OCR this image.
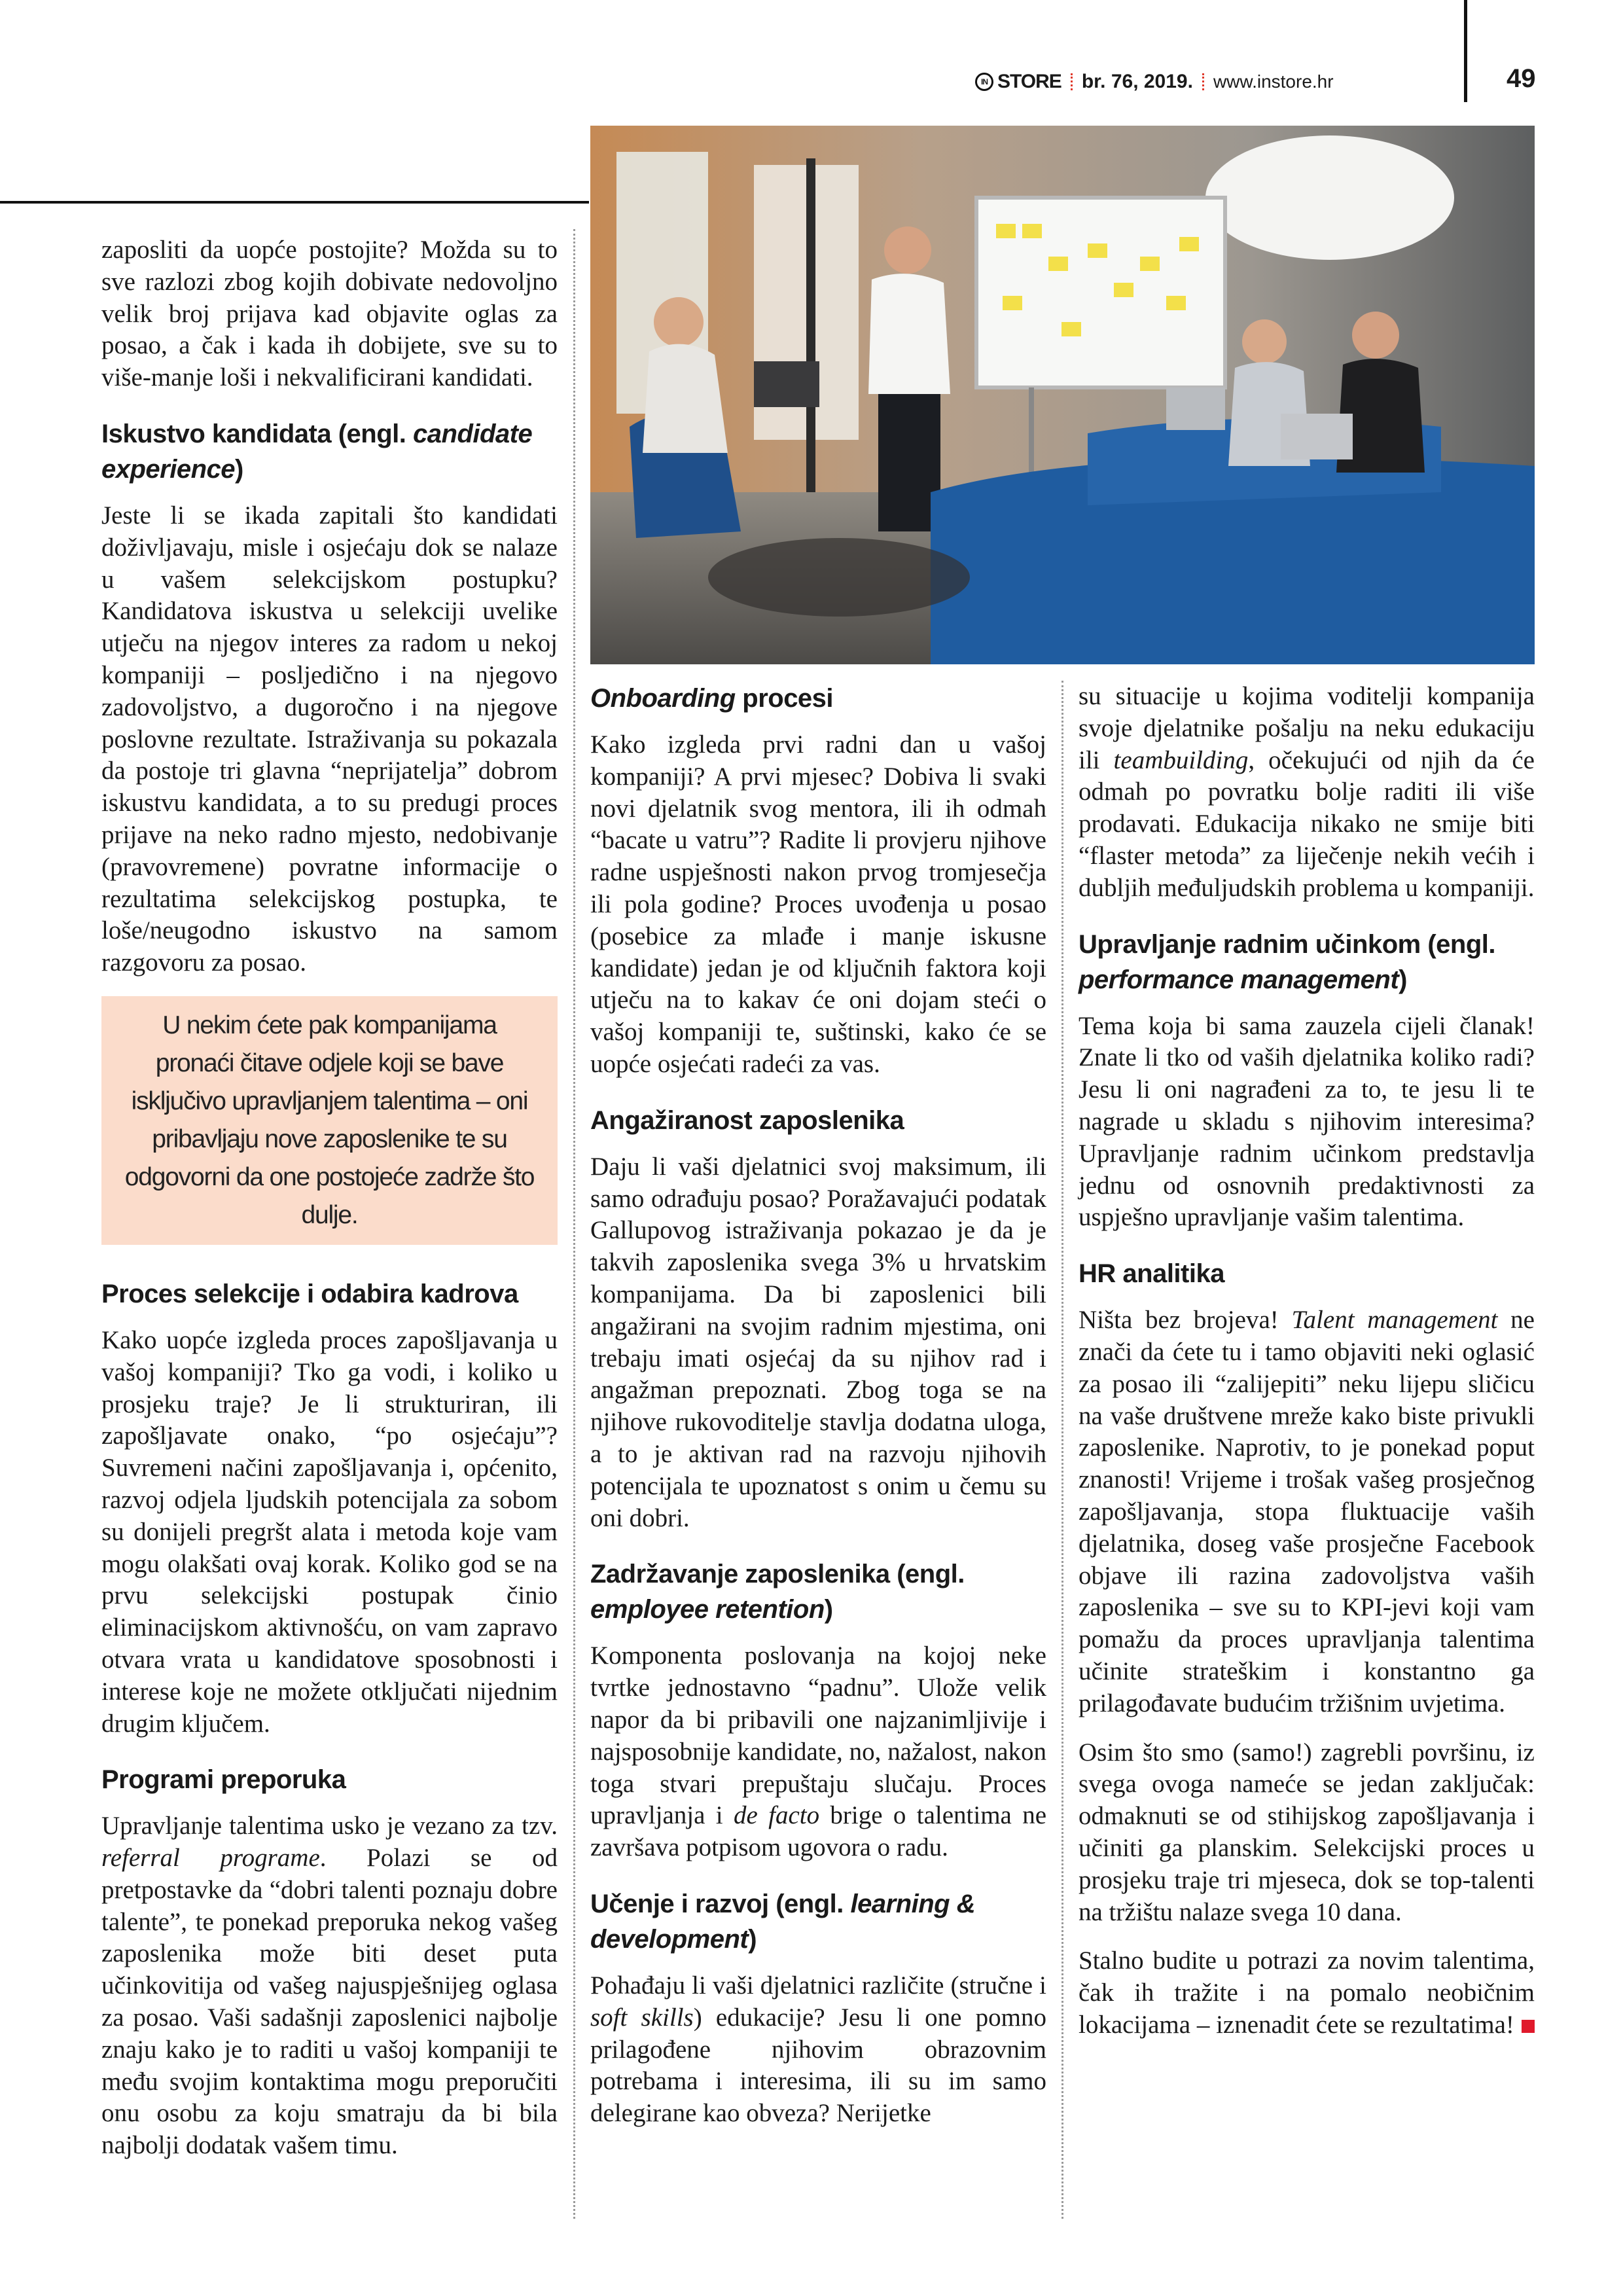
IN STORE br. 76, 2019. www.instore.hr	49

zaposliti da uopće postojite? Možda su to sve razlozi zbog kojih dobivate nedovoljno velik broj prijava kad objavite oglas za posao, a čak i kada ih dobijete, sve su to više-manje loši i nekvalificirani kandidati.

Iskustvo kandidata (engl. candidate experience)

Jeste li se ikada zapitali što kandidati doživljavaju, misle i osjećaju dok se nalaze u vašem selekcijskom postupku? Kandidatova iskustva u selekciji uvelike utječu na njegov interes za radom u nekoj kompaniji – posljedično i na njegovo zadovoljstvo, a dugoročno i na njegove poslovne rezultate. Istraživanja su pokazala da postoje tri glavna “neprijatelja” dobrom iskustvu kandidata, a to su predugi proces prijave na neko radno mjesto, nedobivanje (pravovremene) povratne informacije o rezultatima selekcijskog postupka, te loše/neugodno iskustvo na samom razgovoru za posao.

U nekim ćete pak kompanijama pronaći čitave odjele koji se bave isključivo upravljanjem talentima – oni pribavljaju nove zaposlenike te su odgovorni da one postojeće zadrže što dulje.
Proces selekcije i odabira kadrova

Kako uopće izgleda proces zapošljavanja u vašoj kompaniji? Tko ga vodi, i koliko u prosjeku traje? Je li strukturiran, ili zapošljavate onako, “po osjećaju”? Suvremeni načini zapošljavanja i, općenito, razvoj odjela ljudskih potencijala za sobom su donijeli pregršt alata i metoda koje vam mogu olakšati ovaj korak. Koliko god se na prvu selekcijski postupak činio eliminacijskom aktivnošću, on vam zapravo otvara vrata u kandidatove sposobnosti i interese koje ne možete otključati nijednim drugim ključem.

Programi preporuka

Upravljanje talentima usko je vezano za tzv. referral programe. Polazi se od pretpostavke da “dobri talenti poznaju dobre talente”, te ponekad preporuka nekog vašeg zaposlenika može biti deset puta učinkovitija od vašeg najuspješnijeg oglasa za posao. Vaši sadašnji zaposlenici najbolje znaju kako je to raditi u vašoj kompaniji te među svojim kontaktima mogu preporučiti onu osobu za koju smatraju da bi bila najbolji dodatak vašem timu.

Onboarding procesi

Kako izgleda prvi radni dan u vašoj kompaniji? A prvi mjesec? Dobiva li svaki novi djelatnik svog mentora, ili ih odmah “bacate u vatru”? Radite li provjeru njihove radne uspješnosti nakon prvog tromjesečja ili pola godine? Proces uvođenja u posao (posebice za mlađe i manje iskusne kandidate) jedan je od ključnih faktora koji utječu na to kakav će oni dojam steći o vašoj kompaniji te, suštinski, kako će se uopće osjećati radeći za vas.

Angažiranost zaposlenika

Daju li vaši djelatnici svoj maksimum, ili samo odrađuju posao? Poražavajući podatak Gallupovog istraživanja pokazao je da je takvih zaposlenika svega 3% u hrvatskim kompanijama. Da bi zaposlenici bili angažirani na svojim radnim mjestima, oni trebaju imati osjećaj da su njihov rad i angažman prepoznati. Zbog toga se na njihove rukovoditelje stavlja dodatna uloga, a to je aktivan rad na razvoju njihovih potencijala te upoznatost s onim u čemu su oni dobri.

Zadržavanje zaposlenika (engl. employee retention)

Komponenta poslovanja na kojoj neke tvrtke jednostavno “padnu”. Ulože velik napor da bi pribavili one najzanimljivije i najsposobnije kandidate, no, nažalost, nakon toga stvari prepuštaju slučaju. Proces upravljanja i de facto brige o talentima ne završava potpisom ugovora o radu.

Učenje i razvoj (engl. learning & development)

Pohađaju li vaši djelatnici različite (stručne i soft skills) edukacije? Jesu li one pomno prilagođene njihovim obrazovnim potrebama i interesima, ili su im samo delegirane kao obveza? Nerijetke

su situacije u kojima voditelji kompanija svoje djelatnike pošalju na neku edukaciju ili teambuilding, očekujući od njih da će odmah po povratku bolje raditi ili više prodavati. Edukacija nikako ne smije biti “flaster metoda” za liječenje nekih većih i dubljih međuljudskih problema u kompaniji.

Upravljanje radnim učinkom (engl. performance management)

Tema koja bi sama zauzela cijeli članak! Znate li tko od vaših djelatnika koliko radi? Jesu li oni nagrađeni za to, te jesu li te nagrade u skladu s njihovim interesima? Upravljanje radnim učinkom predstavlja jednu od osnovnih predaktivnosti za uspješno upravljanje vašim talentima.

HR analitika

Ništa bez brojeva! Talent management ne znači da ćete tu i tamo objaviti neki oglasić za posao ili “zalijepiti” neku lijepu sličicu na vaše društvene mreže kako biste privukli zaposlenike. Naprotiv, to je ponekad poput znanosti! Vrijeme i trošak vašeg prosječnog zapošljavanja, stopa fluktuacije vaših djelatnika, doseg vaše prosječne Facebook objave ili razina zadovoljstva vaših zaposlenika – sve su to KPI-jevi koji vam pomažu da proces upravljanja talentima učinite strateškim i konstantno ga prilagođavate budućim tržišnim uvjetima.

Osim što smo (samo!) zagrebli površinu, iz svega ovoga nameće se jedan zaključak: odmaknuti se od stihijskog zapošljavanja i učiniti ga planskim. Selekcijski proces u prosjeku traje tri mjeseca, dok se top-talenti na tržištu nalaze svega 10 dana.

Stalno budite u potrazi za novim talentima, čak ih tražite i na pomalo neobičnim lokacijama – iznenadit ćete se rezultatima!
